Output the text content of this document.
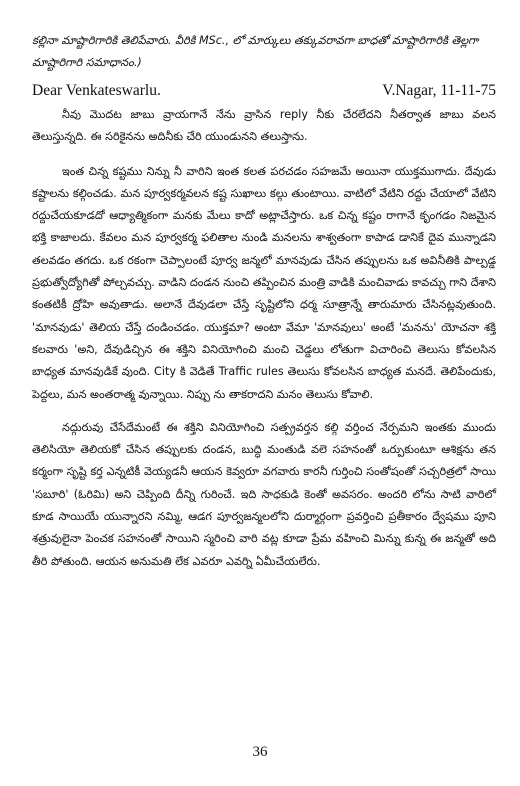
కల్లినా మాష్టారిగారికి తెలిపేవారు. వీరికి MSc., లో మార్కులు తక్కువరావగా బాధతో మాష్టారిగారికి తెల్లగా మాష్టారిగారి సమాధానం.)

Dear Venkateswarlu.	V.Nagar, 11-11-75

నీవు మొదట జాబు వ్రాయగానే నేను వ్రాసిన reply నీకు చేరలేదని నీతర్వాత జాబు వలన తెలుస్తున్నది. ఈ సరికైనను అదినీకు చేరి యుండునని తలుస్తాను.

ఇంత చిన్న కష్టము నిన్ను నీ వారిని ఇంత కలత పరచడం సహజమే అయినా యుక్తముగాదు. దేవుడు కష్టాలను కల్గించడు. మన పూర్వకర్మవలన కష్ట సుఖాలు కల్గు తుంటాయి. వాటిలో వేటిని రద్దు చేయాలో వేటిని రద్దుచేయకూడదో ఆధ్యాత్మికంగా మనకు మేలు కాదో అట్లాచేస్తారు. ఒక చిన్న కష్టం రాగానే కృంగడం నిజమైన భక్తి కాజాలదు. కేవలం మన పూర్వకర్మ ఫలితాల నుండి మనలను శాశ్వతంగా కాపాడ డానికే దైవ మున్నాడని తలవడం తగదు. ఒక రకంగా చెప్పాలంటే పూర్వ జన్మలో మానవుడు చేసిన తప్పులను ఒక అవినీతికి పాల్పడ్డ ప్రభుత్వోద్యోగితో పోల్చవచ్చు. వాడిని దండన నుంచి తప్పించిన మంత్రి వాడికి మంచివాడు కావచ్చు గాని దేశాని కంతటికీ ద్రోహి అవుతాడు. అలానే దేవుడలా చేస్తే సృష్టిలోని ధర్మ సూత్రాన్నే తారుమారు చేసినట్లవుతుంది. 'మానవుడు' తెలియ చేస్తే దండించడం. యుక్తమా? అంటా వేమా 'మానవులు' అంటే 'మనను' యోచనా శక్తి కలవారు 'అని, దేవుడిచ్చిన ఈ శక్తిని వినియోగించి మంచి చెడ్డలు లోతుగా విచారించి తెలుసు కోవలసిన బాధ్యత మానవుడికే వుంది. City కి వెడితే Traffic rules తెలుసు కోవలసిన బాధ్యత మనదే. తెలిపేందుకు, పెద్దలు, మన అంతరాత్మ వున్నాయి. నిప్పు ను తాకరాదని మనం తెలుసు కోవాలి.

నద్గురువు చేసేదేమంటే ఈ శక్తిని వినియోగించి సత్ప్రవర్తన కల్గి వర్తించ నేర్పమని ఇంతకు ముందు తెలిసియో తెలియకో చేసిన తప్పులకు దండన, బుద్ధి మంతుడి వలె సహనంతో ఒర్పుకుంటూ ఆశిక్షను తన కర్మంగా సృష్టి కర్త ఎన్నటికీ వెయ్యడనీ ఆయన కెవ్వరూ వగవారు కారనీ గుర్తించి సంతోషంతో సచ్చరిత్రలో సాయి 'సబూరి' (ఓరిమి) అని చెప్పింది దీన్ని గురించే. ఇది సాధకుడి కెంతో అవసరం. అందరి లోను సాటి వారిలో కూడ సాయియే యున్నారని నమ్మి, ఆడగ పూర్వజన్మలలోని దుర్మార్గంగా ప్రవర్తించి ప్రతీకారం ద్వేషము పూని శత్రువులైనా పెంచక సహనంతో సాయిని స్మరించి వారి వట్ల కూడా ప్రేమ వహించి మిన్ను కున్న ఈ జన్మతో అది తీరి పోతుంది. ఆయన అనుమతి లేక ఎవరూ ఎవర్ని ఏమీచేయలేరు.

36
